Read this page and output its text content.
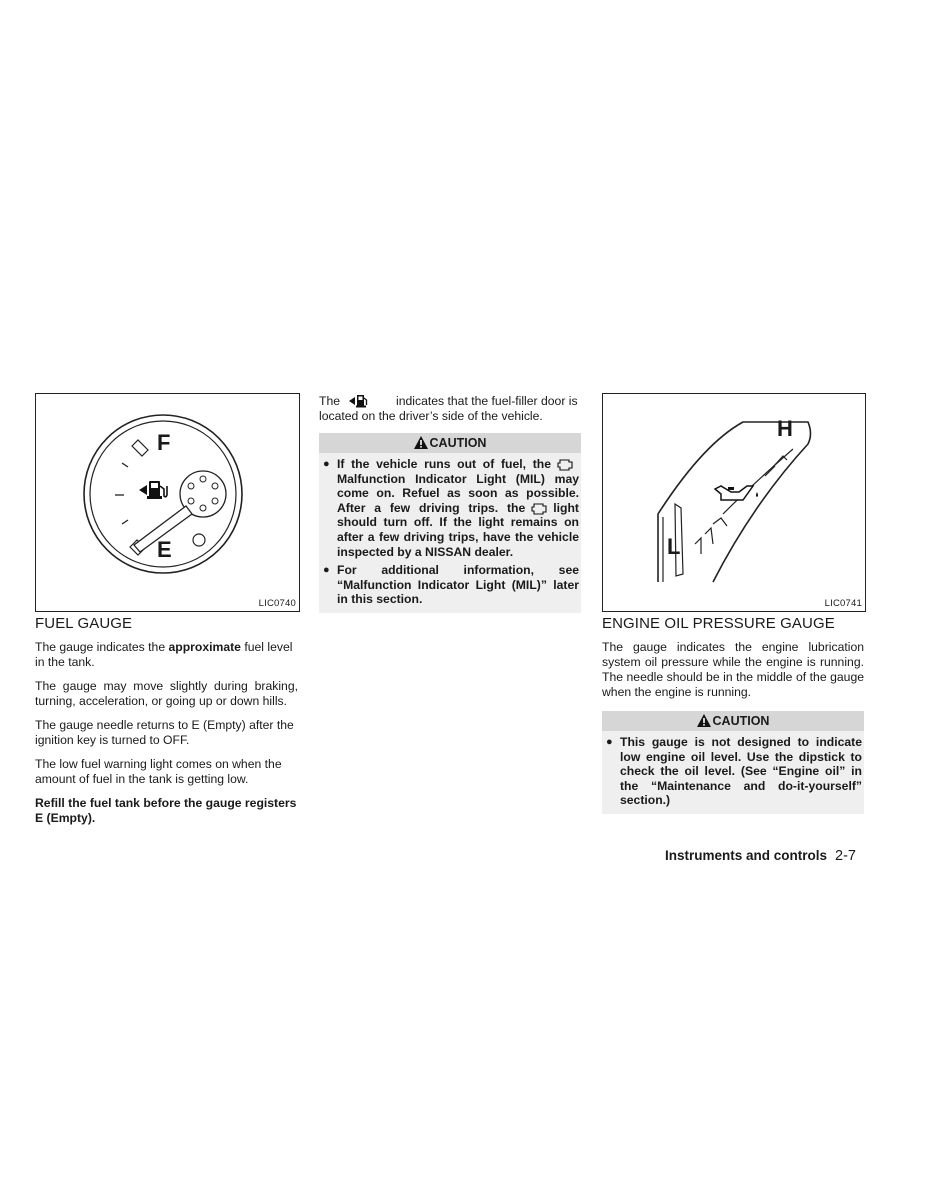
F
E
LIC0740
FUEL GAUGE

The gauge indicates the approximate fuel level in the tank.

The gauge may move slightly during braking, turning, acceleration, or going up or down hills.

The gauge needle returns to E (Empty) after the ignition key is turned to OFF.

The low fuel warning light comes on when the amount of fuel in the tank is getting low.

Refill the fuel tank before the gauge registers E (Empty).

The	indicates that the fuel-filler door is located on the driver’s side of the vehicle.
CAUTION
● If the vehicle runs out of fuel, theMalfunction Indicator Light (MIL) may come on. Refuel as soon as possible. After a few driving trips. the light should turn off. If the light remains on after a few driving trips, have the vehicle inspected by a NISSAN dealer.
● For additional information, see “Malfunction Indicator Light (MIL)” later in this section.
H
L
LIC0741
ENGINE OIL PRESSURE GAUGE

The gauge indicates the engine lubrication system oil pressure while the engine is running. The needle should be in the middle of the gauge when the engine is running.

CAUTION
● This gauge is not designed to indicate low engine oil level. Use the dipstick to check the oil level. (See “Engine oil” in the “Maintenance and do-it-yourself” section.)
Instruments and controls 2-7
